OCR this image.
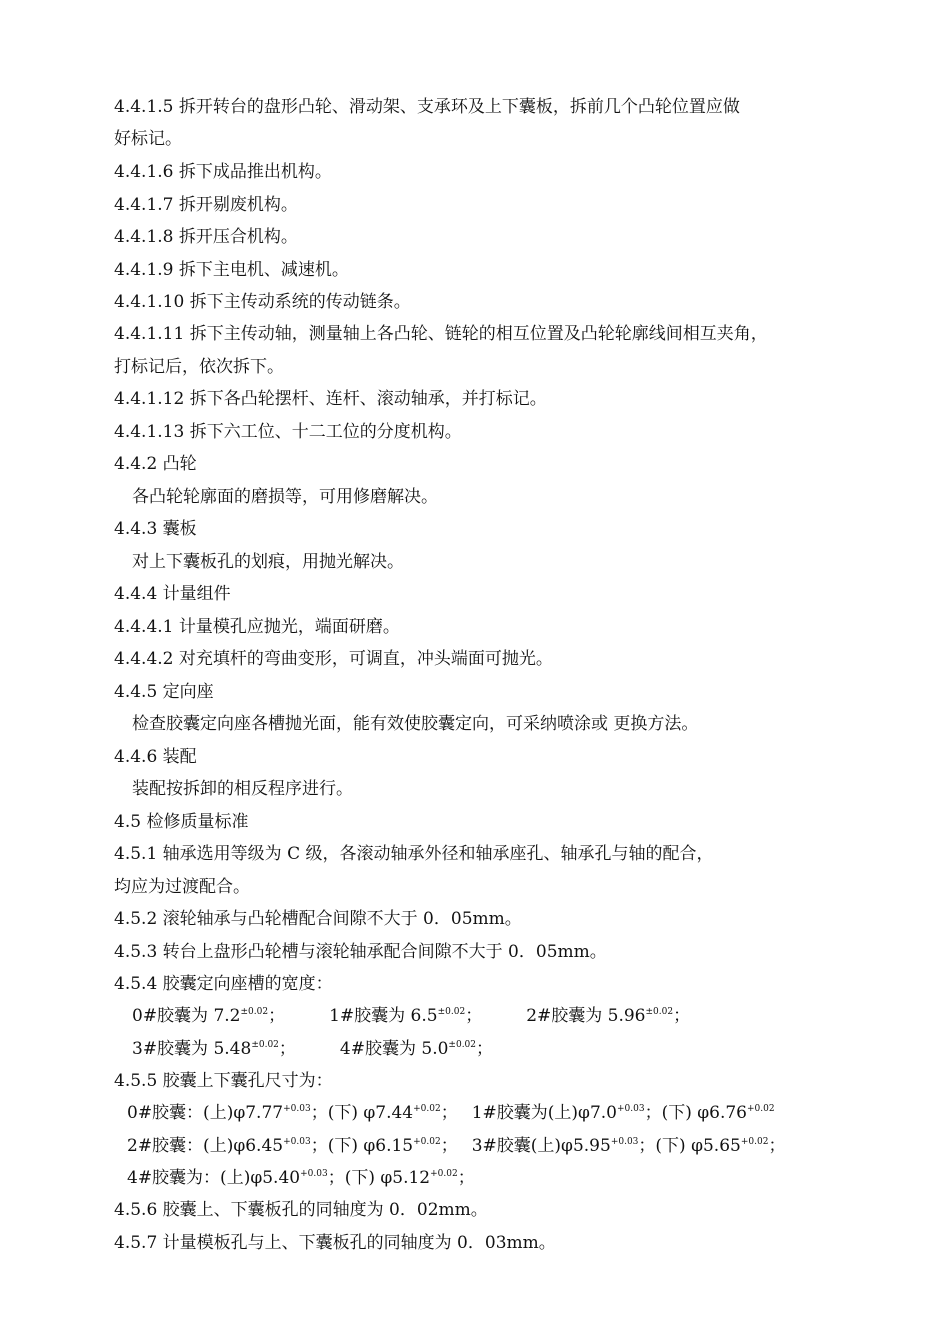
4.4.1.5 拆开转台的盘形凸轮、滑动架、支承环及上下囊板，拆前几个凸轮位置应做
好标记。
4.4.1.6 拆下成品推出机构。
4.4.1.7 拆开剔废机构。
4.4.1.8 拆开压合机构。
4.4.1.9 拆下主电机、减速机。
4.4.1.10 拆下主传动系统的传动链条。
4.4.1.11 拆下主传动轴，测量轴上各凸轮、链轮的相互位置及凸轮轮廓线间相互夹角，
打标记后，依次拆下。
4.4.1.12 拆下各凸轮摆杆、连杆、滚动轴承，并打标记。
4.4.1.13 拆下六工位、十二工位的分度机构。
4.4.2 凸轮
各凸轮轮廓面的磨损等，可用修磨解决。
4.4.3 囊板
对上下囊板孔的划痕，用抛光解决。
4.4.4 计量组件
4.4.4.1 计量模孔应抛光，端面研磨。
4.4.4.2 对充填杆的弯曲变形，可调直，冲头端面可抛光。
4.4.5 定向座
检查胶囊定向座各槽抛光面，能有效使胶囊定向，可采纳喷涂或 更换方法。
4.4.6 装配
装配按拆卸的相反程序进行。
4.5 检修质量标准
4.5.1 轴承选用等级为 C 级，各滚动轴承外径和轴承座孔、轴承孔与轴的配合，
均应为过渡配合。
4.5.2 滚轮轴承与凸轮槽配合间隙不大于 0．05mm。
4.5.3 转台上盘形凸轮槽与滚轮轴承配合间隙不大于 0．05mm。
4.5.4 胶囊定向座槽的宽度：
0#胶囊为 $7.2^{\pm 0.02}$；	1#胶囊为 $6.5^{\pm 0.02}$；	2#胶囊为 $5.96^{\pm 0.02}$；
3#胶囊为 $5.48^{\pm 0.02}$；	4#胶囊为 $5.0^{\pm 0.02}$；
4.5.5 胶囊上下囊孔尺寸为：
0#胶囊：(上)$\varphi 7.77^{+0.03}$；(下) $\varphi 7.44^{+0.02}$； 1#胶囊为(上)$\varphi 7.0^{+0.03}$；(下) $\varphi 6.76^{+0.02}$
2#胶囊：(上)$\varphi 6.45^{+0.03}$；(下) $\varphi 6.15^{+0.02}$； 3#胶囊(上)$\varphi 5.95^{+0.03}$；(下) $\varphi 5.65^{+0.02}$；
4#胶囊为：(上)$\varphi 5.40^{+0.03}$；(下) $\varphi 5.12^{+0.02}$；
4.5.6 胶囊上、下囊板孔的同轴度为 0．02mm。
4.5.7 计量模板孔与上、下囊板孔的同轴度为 0．03mm。
